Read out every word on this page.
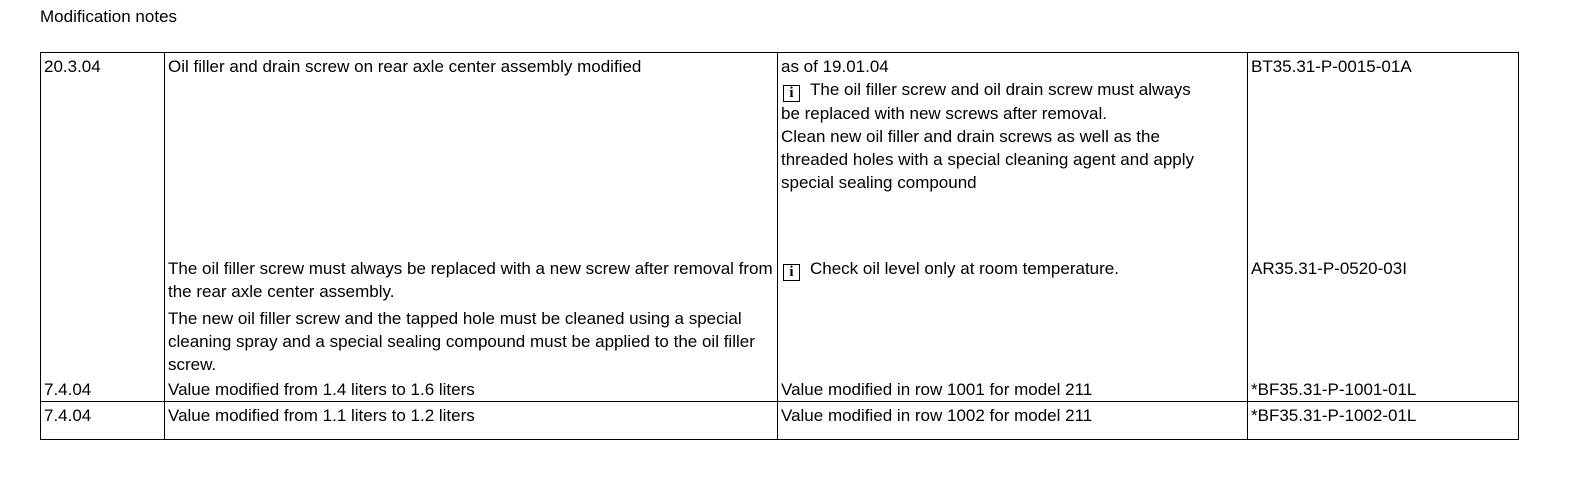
Modification notes
20.3.04	Oil filler and drain screw on rear axle center assembly modified	as of 19.01.04
i The oil filler screw and oil drain screw must always be replaced with new screws after removal.
Clean new oil filler and drain screws as well as the threaded holes with a special cleaning agent and apply special sealing compound	BT35.31-P-0015-01A

	The oil filler screw must always be replaced with a new screw after removal from the rear axle center assembly.
The new oil filler screw and the tapped hole must be cleaned using a special cleaning spray and a special sealing compound must be applied to the oil filler screw.	i Check oil level only at room temperature.	AR35.31-P-0520-03I
7.4.04	Value modified from 1.4 liters to 1.6 liters	Value modified in row 1001 for model 211	*BF35.31-P-1001-01L
7.4.04	Value modified from 1.1 liters to 1.2 liters	Value modified in row 1002 for model 211	*BF35.31-P-1002-01L
